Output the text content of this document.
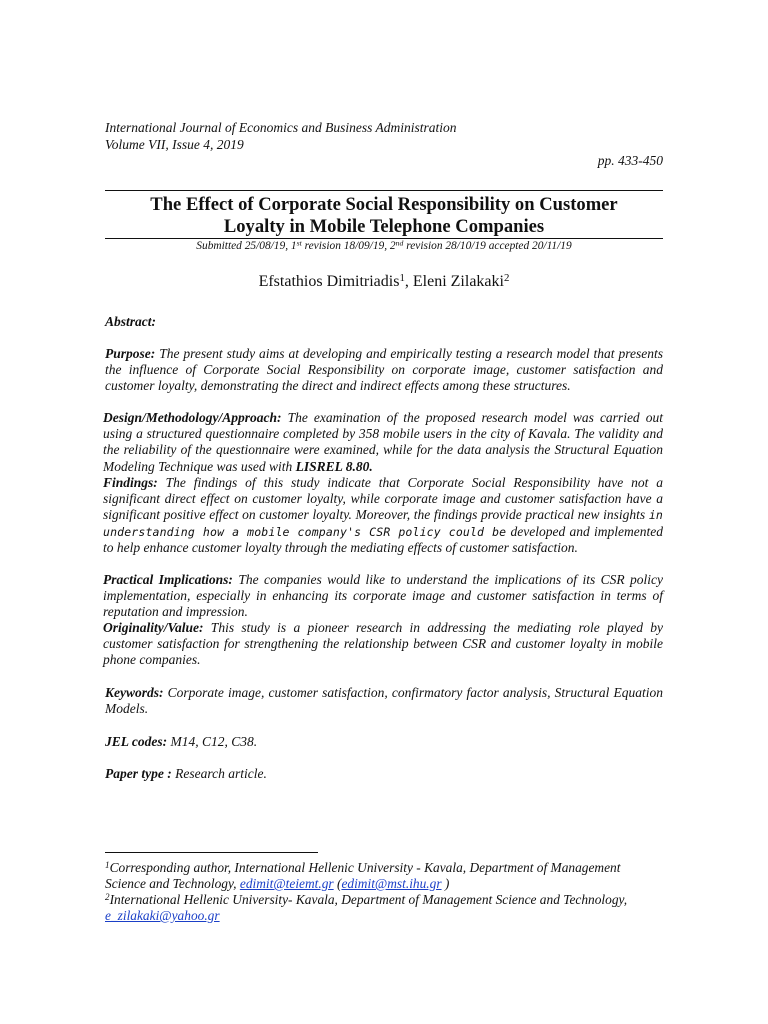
International Journal of Economics and Business Administration
Volume VII, Issue 4, 2019
pp. 433-450
The Effect of Corporate Social Responsibility on Customer
Loyalty in Mobile Telephone Companies
Submitted 25/08/19, 1st revision 18/09/19, 2nd revision 28/10/19 accepted 20/11/19
Efstathios Dimitriadis$^1$, Eleni Zilakaki$^2$
Abstract:
Purpose: The present study aims at developing and empirically testing a research model that presents the influence of Corporate Social Responsibility on corporate image, customer satisfaction and customer loyalty, demonstrating the direct and indirect effects among these structures.
Design/Methodology/Approach: The examination of the proposed research model was carried out using a structured questionnaire completed by 358 mobile users in the city of Kavala. The validity and the reliability of the questionnaire were examined, while for the data analysis the Structural Equation Modeling Technique was used with LISREL 8.80.
Findings: The findings of this study indicate that Corporate Social Responsibility have not a significant direct effect on customer loyalty, while corporate image and customer satisfaction have a significant positive effect on customer loyalty. Moreover, the findings provide practical new insights in understanding how a mobile company's CSR policy could be developed and implemented to help enhance customer loyalty through the mediating effects of customer satisfaction.
Practical Implications: The companies would like to understand the implications of its CSR policy implementation, especially in enhancing its corporate image and customer satisfaction in terms of reputation and impression.
Originality/Value: This study is a pioneer research in addressing the mediating role played by customer satisfaction for strengthening the relationship between CSR and customer loyalty in mobile phone companies.
Keywords: Corporate image, customer satisfaction, confirmatory factor analysis, Structural Equation Models.
JEL codes: M14, C12, C38.
Paper type : Research article.
$^1$Corresponding author, International Hellenic University - Kavala, Department of Management Science and Technology, edimit@teiemt.gr (edimit@mst.ihu.gr )
$^2$International Hellenic University- Kavala, Department of Management Science and Technology, e_zilakaki@yahoo.gr
